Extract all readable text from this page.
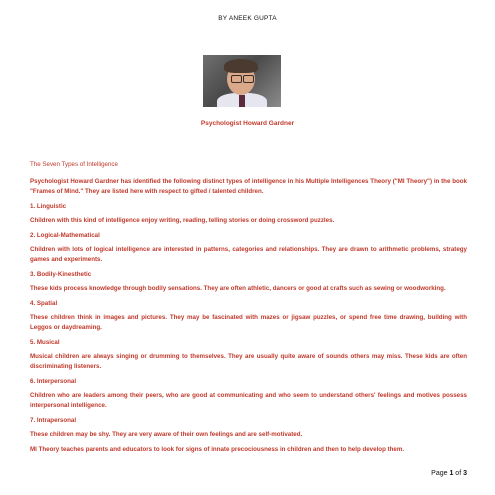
BY ANEEK GUPTA
Psychologist Howard Gardner

The Seven Types of Intelligence

Psychologist Howard Gardner has identified the following distinct types of intelligence in his Multiple Intelligences Theory ("MI Theory") in the book "Frames of Mind." They are listed here with respect to gifted / talented children.

1. Linguistic

Children with this kind of intelligence enjoy writing, reading, telling stories or doing crossword puzzles.

2. Logical-Mathematical

Children with lots of logical intelligence are interested in patterns, categories and relationships. They are drawn to arithmetic problems, strategy games and experiments.

3. Bodily-Kinesthetic

These kids process knowledge through bodily sensations. They are often athletic, dancers or good at crafts such as sewing or woodworking.

4. Spatial

These children think in images and pictures. They may be fascinated with mazes or jigsaw puzzles, or spend free time drawing, building with Leggos or daydreaming.

5. Musical

Musical children are always singing or drumming to themselves. They are usually quite aware of sounds others may miss. These kids are often discriminating listeners.

6. Interpersonal

Children who are leaders among their peers, who are good at communicating and who seem to understand others' feelings and motives possess interpersonal intelligence.

7. Intrapersonal

These children may be shy. They are very aware of their own feelings and are self-motivated.

MI Theory teaches parents and educators to look for signs of innate precociousness in children and then to help develop them.

Page 1 of 3
